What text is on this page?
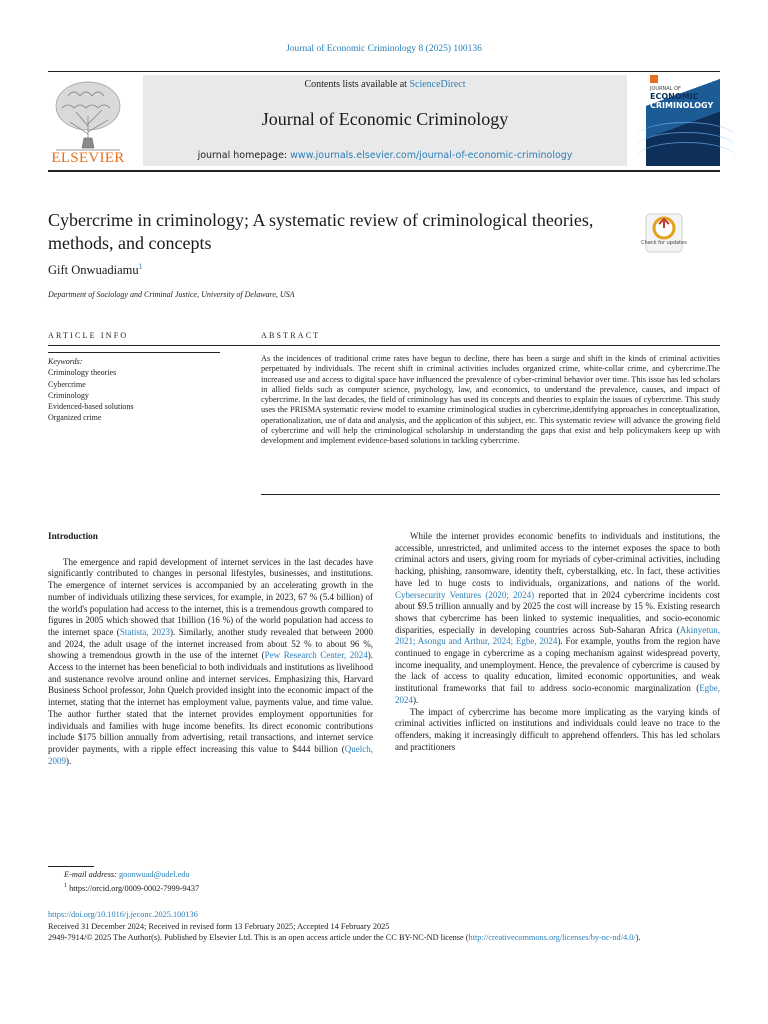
Journal of Economic Criminology 8 (2025) 100136
ELSEVIER
Contents lists available at ScienceDirect
Journal of Economic Criminology
journal homepage: www.journals.elsevier.com/journal-of-economic-criminology
JOURNAL OF
ECONOMIC
CRIMINOLOGY
Cybercrime in criminology; A systematic review of criminological theories, methods, and concepts	Check for updates
Gift Onwuadiamu$^1$
Department of Sociology and Criminal Justice, University of Delaware, USA
ARTICLE INFO	ABSTRACT
Keywords:
Criminology theories
Cybercrime
Criminology
Evidenced-based solutions
Organized crime
As the incidences of traditional crime rates have begun to decline, there has been a surge and shift in the kinds of criminal activities perpetuated by individuals. The recent shift in criminal activities includes organized crime, white-collar crime, and cybercrime.The increased use and access to digital space have influenced the prevalence of cyber-criminal behavior over time. This issue has led scholars in allied fields such as computer science, psychology, law, and economics, to understand the prevalence, causes, and impact of cybercrime. In the last decades, the field of criminology has used its concepts and theories to explain the issues of cybercrime. This study uses the PRISMA systematic review model to examine criminological studies in cybercrime,identifying approaches in conceptualization, operationalization, use of data and analysis, and the application of this subject, etc. This systematic review will advance the growing field of cybercrime and will help the criminological scholarship in understanding the gaps that exist and help policymakers keep up with development and implement evidence-based solutions in tackling cybercrime.

Introduction

The emergence and rapid development of internet services in the last decades have significantly contributed to changes in personal lifestyles, businesses, and institutions. The emergence of internet services is accompanied by an accelerating growth in the number of individuals utilizing these services, for example, in 2023, 67 % (5.4 billion) of the world's population had access to the internet, this is a tremendous growth compared to figures in 2005 which showed that 1billion (16 %) of the world population had access to the internet space (Statista, 2023). Similarly, another study revealed that between 2000 and 2024, the adult usage of the internet increased from about 52 % to about 96 %, showing a tremendous growth in the use of the internet (Pew Research Center, 2024). Access to the internet has been beneficial to both individuals and institutions as livelihood and sustenance revolve around online and internet services. Emphasizing this, Harvard Business School professor, John Quelch provided insight into the economic impact of the internet, stating that the internet has employment value, payments value, and time value. The author further stated that the internet provides employment opportunities for individuals and families with huge income benefits. Its direct economic contributions include $175 billion annually from advertising, retail transactions, and internet service provider payments, with a ripple effect increasing this value to $444 billion (Quelch, 2009).

While the internet provides economic benefits to individuals and institutions, the accessible, unrestricted, and unlimited access to the internet exposes the space to both criminal actors and users, giving room for myriads of cyber-criminal activities, including hacking, phishing, ransomware, identity theft, cyberstalking, etc. In fact, these activities have led to huge costs to individuals, organizations, and nations of the world. Cybersecurity Ventures (2020; 2024) reported that in 2024 cybercrime incidents cost about $9.5 trillion annually and by 2025 the cost will increase by 15 %. Existing research shows that cybercrime has been linked to systemic inequalities, and socio-economic disparities, especially in developing countries across Sub-Saharan Africa (Akinyetun, 2021; Asongu and Arthur, 2024; Egbe, 2024). For example, youths from the region have continued to engage in cybercrime as a coping mechanism against widespread poverty, income inequality, and unemployment. Hence, the prevalence of cybercrime is caused by the lack of access to quality education, limited economic opportunities, and weak institutional frameworks that fail to address socio-economic marginalization (Egbe, 2024).

The impact of cybercrime has become more implicating as the varying kinds of criminal activities inflicted on institutions and individuals could leave no trace to the offenders, making it increasingly difficult to apprehend offenders. This has led scholars and practitioners

E-mail address: goonwuad@udel.edu
$^1$ https://orcid.org/0009-0002-7999-9437
https://doi.org/10.1016/j.jeconc.2025.100136
Received 31 December 2024; Received in revised form 13 February 2025; Accepted 14 February 2025
2949-7914/© 2025 The Author(s). Published by Elsevier Ltd. This is an open access article under the CC BY-NC-ND license (http://creativecommons.org/licenses/by-nc-nd/4.0/).
